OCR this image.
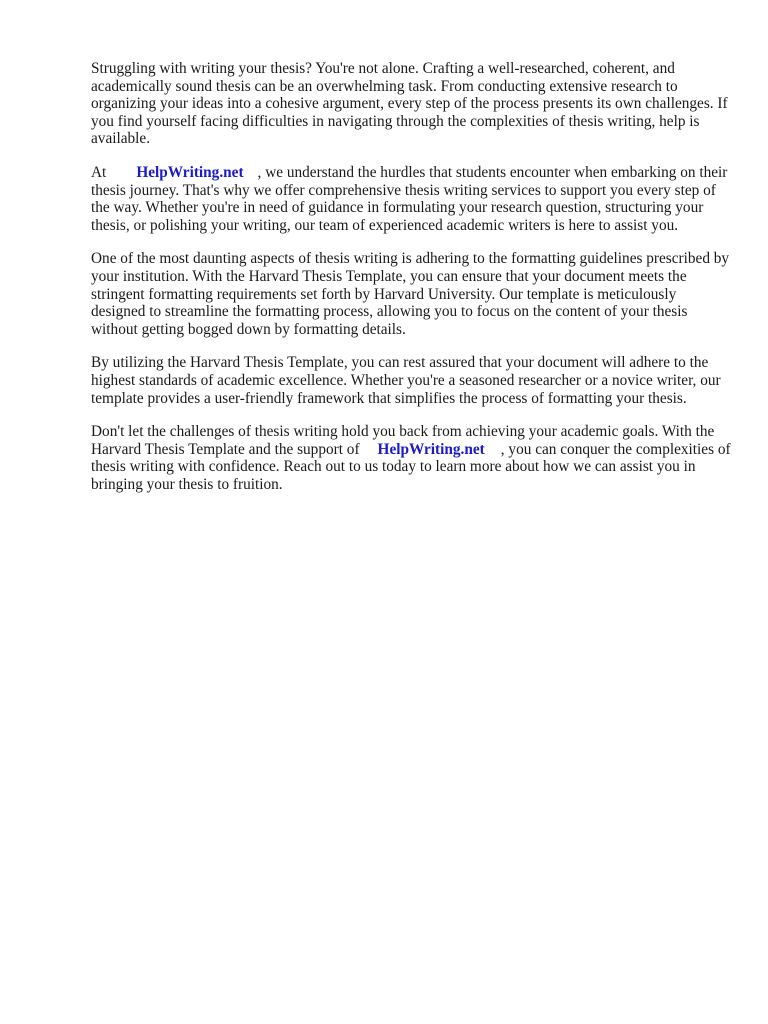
Struggling with writing your thesis? You're not alone. Crafting a well-researched, coherent, and academically sound thesis can be an overwhelming task. From conducting extensive research to organizing your ideas into a cohesive argument, every step of the process presents its own challenges. If you find yourself facing difficulties in navigating through the complexities of thesis writing, help is available.

At HelpWriting.net , we understand the hurdles that students encounter when embarking on their thesis journey. That's why we offer comprehensive thesis writing services to support you every step of the way. Whether you're in need of guidance in formulating your research question, structuring your thesis, or polishing your writing, our team of experienced academic writers is here to assist you.

One of the most daunting aspects of thesis writing is adhering to the formatting guidelines prescribed by your institution. With the Harvard Thesis Template, you can ensure that your document meets the stringent formatting requirements set forth by Harvard University. Our template is meticulously designed to streamline the formatting process, allowing you to focus on the content of your thesis without getting bogged down by formatting details.

By utilizing the Harvard Thesis Template, you can rest assured that your document will adhere to the highest standards of academic excellence. Whether you're a seasoned researcher or a novice writer, our template provides a user-friendly framework that simplifies the process of formatting your thesis.

Don't let the challenges of thesis writing hold you back from achieving your academic goals. With the Harvard Thesis Template and the support of HelpWriting.net , you can conquer the complexities of thesis writing with confidence. Reach out to us today to learn more about how we can assist you in bringing your thesis to fruition.
